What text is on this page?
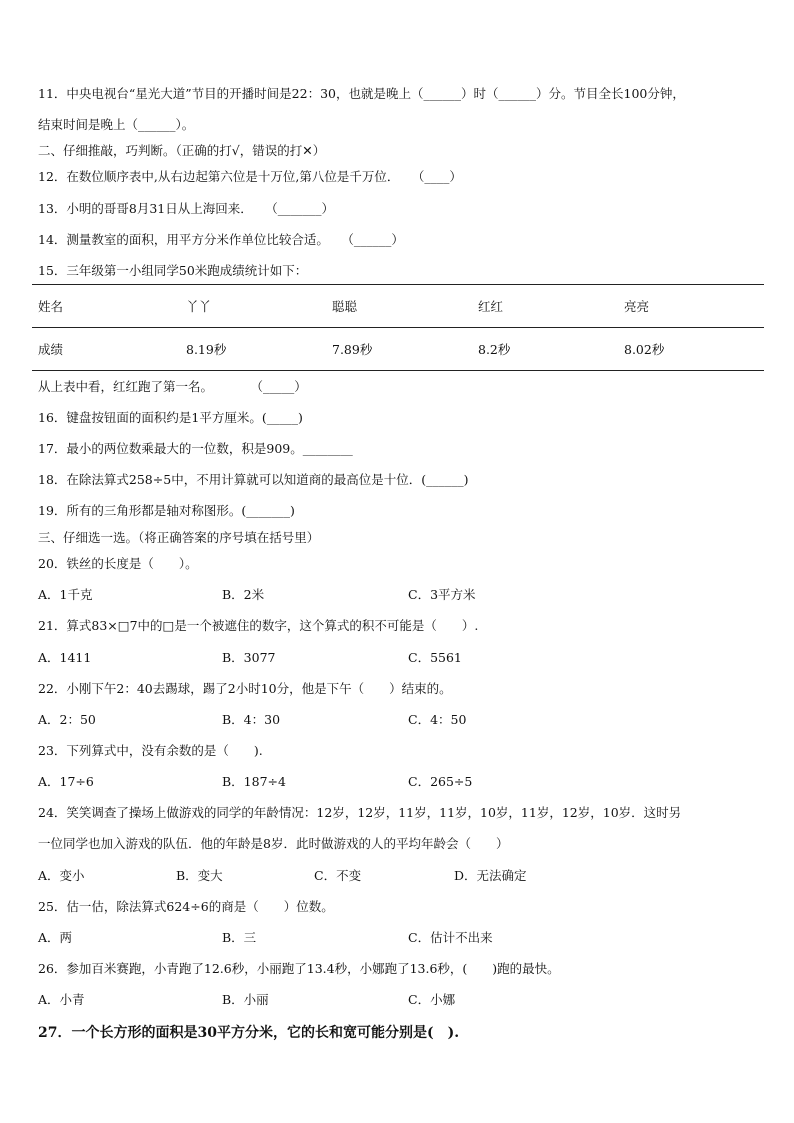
11．中央电视台“星光大道”节目的开播时间是22：30，也就是晚上（______）时（______）分。节目全长100分钟，
结束时间是晚上（______）。
二、仔细推敲，巧判断。（正确的打√，错误的打✕）
12．在数位顺序表中,从右边起第六位是十万位,第八位是千万位．　　（____）
13．小明的哥哥8月31日从上海回来．　　（_______）
14．测量教室的面积，用平方分米作单位比较合适。　　（______）
15．三年级第一小组同学50米跑成绩统计如下：
姓名	丫丫	聪聪	红红	亮亮
成绩	8.19秒	7.89秒	8.2秒	8.02秒
从上表中看，红红跑了第一名。　　　　（_____）
16．键盘按钮面的面积约是1平方厘米。(_____)
17．最小的两位数乘最大的一位数，积是909。________
18．在除法算式258÷5中，不用计算就可以知道商的最高位是十位．(______)
19．所有的三角形都是轴对称图形。(_______)
三、仔细选一选。（将正确答案的序号填在括号里）
20．铁丝的长度是（　　）。
A．1千克	B．2米	C．3平方米
21．算式83×□7中的□是一个被遮住的数字，这个算式的积不可能是（　　）.
A．1411	B．3077	C．5561
22．小刚下午2：40去踢球，踢了2小时10分，他是下午（　　）结束的。
A．2：50	B．4：30	C．4：50
23．下列算式中，没有余数的是（　　).
A．17÷6	B．187÷4	C．265÷5
24．笑笑调查了操场上做游戏的同学的年龄情况：12岁，12岁，11岁，11岁，10岁，11岁，12岁，10岁．这时另
一位同学也加入游戏的队伍．他的年龄是8岁．此时做游戏的人的平均年龄会（　　）
A．变小	B．变大	C．不变	D．无法确定
25．估一估，除法算式624÷6的商是（　　）位数。
A．两	B．三	C．估计不出来
26．参加百米赛跑，小青跑了12.6秒，小丽跑了13.4秒，小娜跑了13.6秒，(　　)跑的最快。
A．小青	B．小丽	C．小娜
27．一个长方形的面积是30平方分米，它的长和宽可能分别是(　).
